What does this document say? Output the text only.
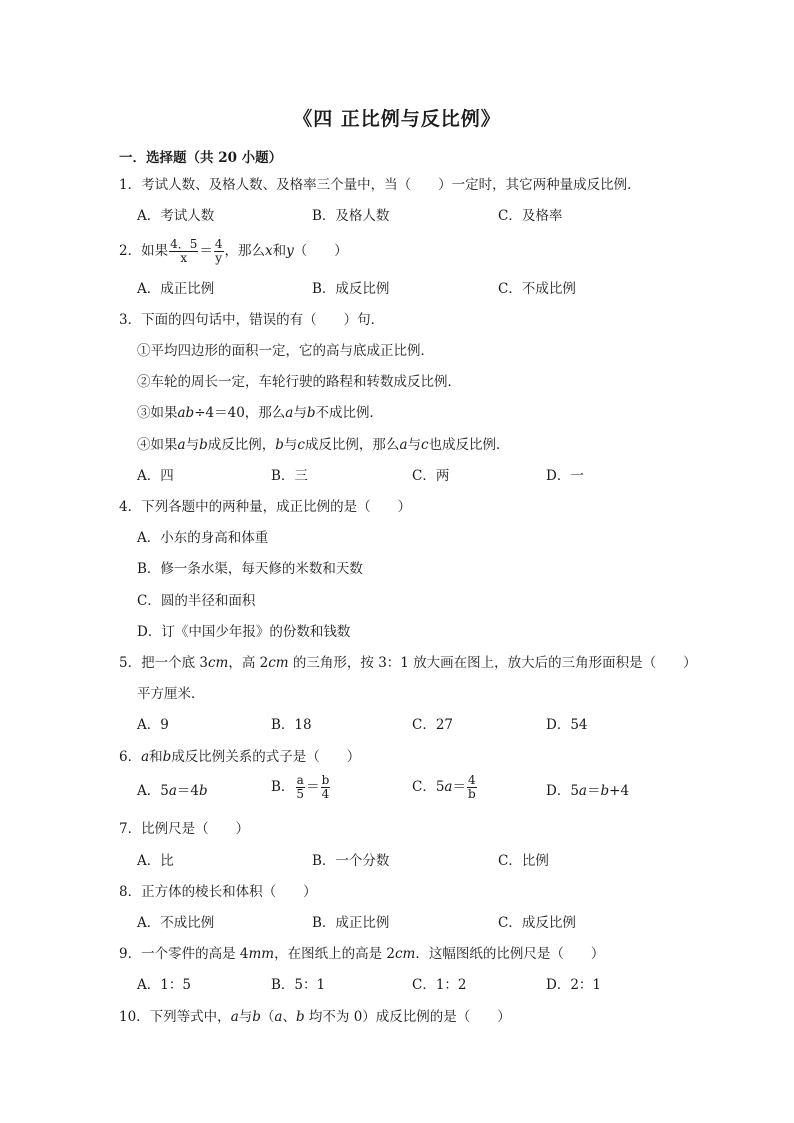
《四 正比例与反比例》
一．选择题（共 20 小题）
1．考试人数、及格人数、及格率三个量中，当（　　）一定时，其它两种量成反比例．
A．考试人数	B．及格人数	C．及格率
2．如果 $\frac{4.5}{x} = \frac{4}{y}$ ，那么x和y（　　）
A．成正比例	B．成反比例	C．不成比例
3．下面的四句话中，错误的有（　　）句．
①平均四边形的面积一定，它的高与底成正比例．
②车轮的周长一定，车轮行驶的路程和转数成反比例．
③如果ab÷4＝40，那么a与b不成比例．
④如果a与b成反比例，b与c成反比例，那么a与c也成反比例．
A．四	B．三	C．两	D．一
4．下列各题中的两种量，成正比例的是（　　）
A．小东的身高和体重
B．修一条水渠，每天修的米数和天数
C．圆的半径和面积
D．订《中国少年报》的份数和钱数
5．把一个底 3cm，高 2cm 的三角形，按 3：1 放大画在图上，放大后的三角形面积是（　　）
平方厘米．
A．9	B．18	C．27	D．54
6．a和b成反比例关系的式子是（　　）
A．5a＝4b	B． $\frac{a}{5} = \frac{b}{4}$	C．$5a= \frac{4}{b}$	D．5a＝b+4
7．比例尺是（　　）
A．比	B．一个分数	C．比例
8．正方体的棱长和体积（　　）
A．不成比例	B．成正比例	C．成反比例
9．一个零件的高是 4mm，在图纸上的高是 2cm．这幅图纸的比例尺是（　　）
A．1：5	B．5：1	C．1：2	D．2：1
10．下列等式中，a与b（a、b 均不为 0）成反比例的是（　　）
